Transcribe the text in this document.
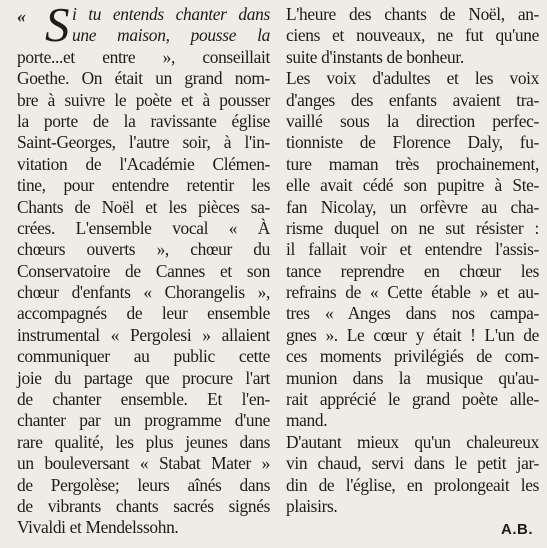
« S i tu entends chanter dans
une maison, pousse la
porte...et entre », conseillait
Goethe. On était un grand nom-
bre à suivre le poète et à pousser
la porte de la ravissante église
Saint-Georges, l'autre soir, à l'in-
vitation de l'Académie Clémen-
tine, pour entendre retentir les
Chants de Noël et les pièces sa-
crées. L'ensemble vocal « À
chœurs ouverts », chœur du
Conservatoire de Cannes et son
chœur d'enfants « Chorangelis »,
accompagnés de leur ensemble
instrumental « Pergolesi » allaient
communiquer au public cette
joie du partage que procure l'art
de chanter ensemble. Et l'en-
chanter par un programme d'une
rare qualité, les plus jeunes dans
un bouleversant « Stabat Mater »
de Pergolèse; leurs aînés dans
de vibrants chants sacrés signés
Vivaldi et Mendelssohn.
L'heure des chants de Noël, an-
ciens et nouveaux, ne fut qu'une
suite d'instants de bonheur.
Les voix d'adultes et les voix
d'anges des enfants avaient tra-
vaillé sous la direction perfec-
tionniste de Florence Daly, fu-
ture maman très prochainement,
elle avait cédé son pupitre à Ste-
fan Nicolay, un orfèvre au cha-
risme duquel on ne sut résister :
il fallait voir et entendre l'assis-
tance reprendre en chœur les
refrains de « Cette étable » et au-
tres « Anges dans nos campa-
gnes ». Le cœur y était ! L'un de
ces moments privilégiés de com-
munion dans la musique qu'au-
rait apprécié le grand poète alle-
mand.
D'autant mieux qu'un chaleureux
vin chaud, servi dans le petit jar-
din de l'église, en prolongeait les
plaisirs.
A.B.
